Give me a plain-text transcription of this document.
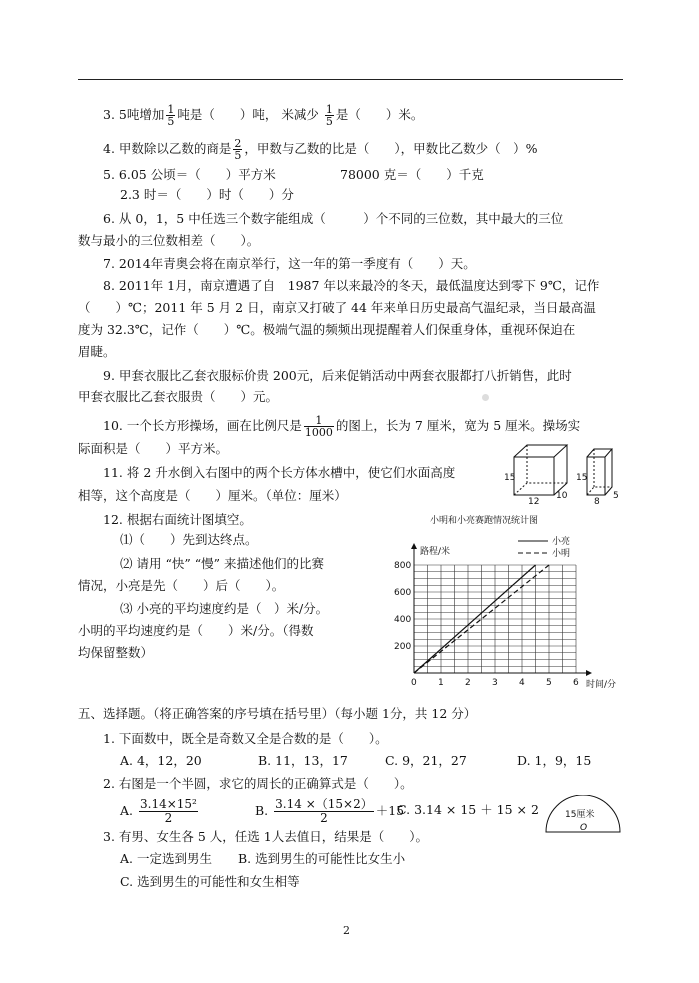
3. 5吨增加 $\frac{1}{5}$ 吨是（　　）吨， 米减少 $\frac{1}{5}$ 是（　　）米。
4. 甲数除以乙数的商是 $\frac{2}{5}$ ，甲数与乙数的比是（　　），甲数比乙数少（　）%
5. 6.05 公顷＝（　　）平方米	78000 克＝（　　）千克
2.3 时＝（　　）时（　　）分
6. 从 0，1，5 中任选三个数字能组成（　　　）个不同的三位数，其中最大的三位
数与最小的三位数相差（　　）。
7. 2014年青奥会将在南京举行，这一年的第一季度有（　　）天。
8. 2011年 1月，南京遭遇了自　1987 年以来最冷的冬天，最低温度达到零下 9℃，记作
（　　）℃；2011 年 5 月 2 日，南京又打破了 44 年来单日历史最高气温纪录，当日最高温
度为 32.3℃，记作（　　）℃。极端气温的频频出现提醒着人们保重身体，重视环保迫在
眉睫。
9. 甲套衣服比乙套衣服标价贵 200元，后来促销活动中两套衣服都打八折销售，此时
甲套衣服比乙套衣服贵（　　）元。
10. 一个长方形操场，画在比例尺是 $\frac{1}{1000}$ 的图上，长为 7 厘米，宽为 5 厘米。操场实
际面积是（　　）平方米。
11. 将 2 升水倒入右图中的两个长方体水槽中，使它们水面高度
相等，这个高度是（　　）厘米。（单位：厘米）
15
12
10
15
8
5
12. 根据右面统计图填空。
⑴（　　）先到达终点。
⑵ 请用 “快” “慢” 来描述他们的比赛
情况，小亮是先（　　）后（　　）。
⑶ 小亮的平均速度约是（　）米/分。
小明的平均速度约是（　　）米/分。（得数
均保留整数）
小明和小亮赛跑情况统计图
路程/米
时间/分
0 1 2 3 4 5 6
200
400
600
800
小亮
小明
五、选择题。（将正确答案的序号填在括号里）（每小题 1分，共 12 分）
1. 下面数中，既全是奇数又全是合数的是（　　）。
A. 4，12，20	B. 11，13，17	C. 9，21，27	D. 1，9，15
2. 右图是一个半圆，求它的周长的正确算式是（　　）。
A. $\frac{\text{3.14×15²}}{2}$	B. $\frac{3.14 \times(15\times 2)}{2} +15$
C. 3.14 × 15 ＋ 15 × 2	15厘米
O
3. 有男、女生各 5 人，任选 1人去值日，结果是（　　）。
A. 一定选到男生 B. 选到男生的可能性比女生小
C. 选到男生的可能性和女生相等
2
